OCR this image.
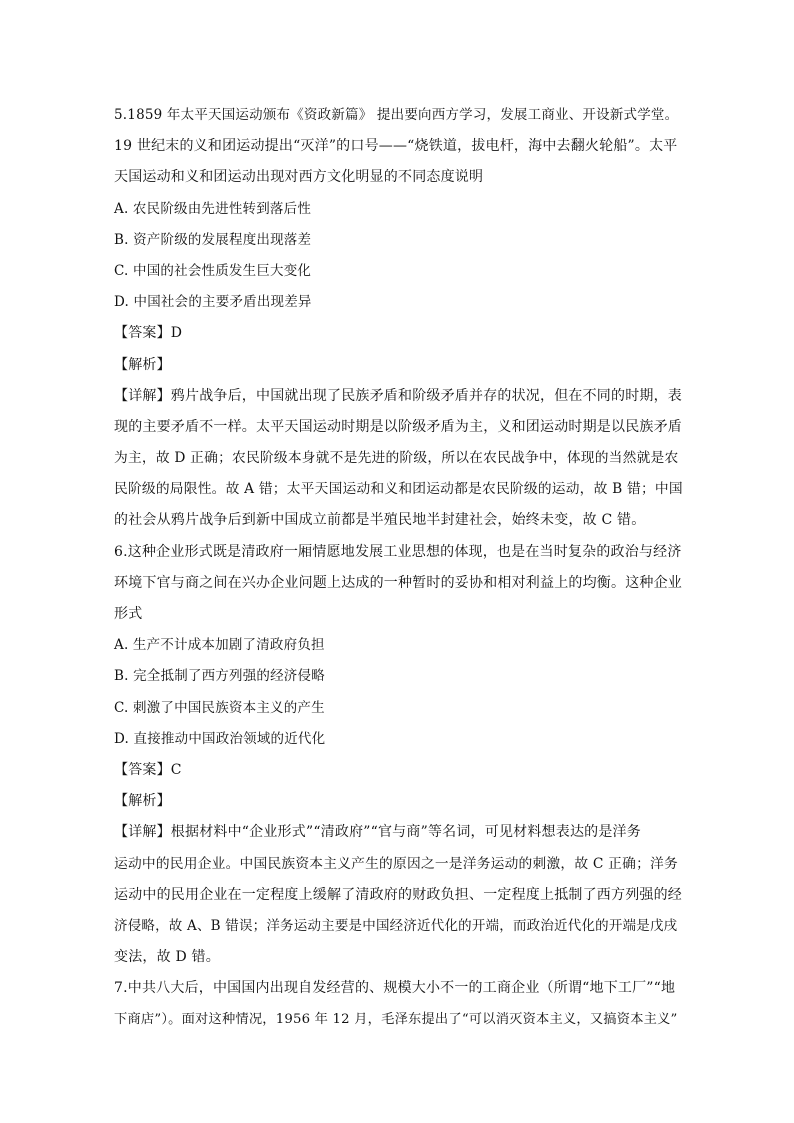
5.1859 年太平天国运动颁布《资政新篇》 提出要向西方学习，发展工商业、开设新式学堂。
19 世纪末的义和团运动提出“灭洋”的口号——“烧铁道，拔电杆，海中去翻火轮船”。太平
天国运动和义和团运动出现对西方文化明显的不同态度说明
A. 农民阶级由先进性转到落后性
B. 资产阶级的发展程度出现落差
C. 中国的社会性质发生巨大变化
D. 中国社会的主要矛盾出现差异
【答案】D
【解析】
【详解】鸦片战争后，中国就出现了民族矛盾和阶级矛盾并存的状况，但在不同的时期，表
现的主要矛盾不一样。太平天国运动时期是以阶级矛盾为主，义和团运动时期是以民族矛盾
为主，故 D 正确；农民阶级本身就不是先进的阶级，所以在农民战争中，体现的当然就是农
民阶级的局限性。故 A 错；太平天国运动和义和团运动都是农民阶级的运动，故 B 错；中国
的社会从鸦片战争后到新中国成立前都是半殖民地半封建社会，始终未变，故 C 错。
6.这种企业形式既是清政府一厢情愿地发展工业思想的体现，也是在当时复杂的政治与经济
环境下官与商之间在兴办企业问题上达成的一种暂时的妥协和相对利益上的均衡。这种企业
形式
A. 生产不计成本加剧了清政府负担
B. 完全抵制了西方列强的经济侵略
C. 刺激了中国民族资本主义的产生
D. 直接推动中国政治领域的近代化
【答案】C
【解析】
【详解】根据材料中“企业形式”“清政府”“官与商”等名词，可见材料想表达的是洋务
运动中的民用企业。中国民族资本主义产生的原因之一是洋务运动的刺激，故 C 正确；洋务
运动中的民用企业在一定程度上缓解了清政府的财政负担、一定程度上抵制了西方列强的经
济侵略，故 A、B 错误；洋务运动主要是中国经济近代化的开端，而政治近代化的开端是戊戌
变法，故 D 错。
7.中共八大后，中国国内出现自发经营的、规模大小不一的工商企业（所谓“地下工厂”“地
下商店”）。面对这种情况，1956 年 12 月，毛泽东提出了“可以消灭资本主义，又搞资本主义”
